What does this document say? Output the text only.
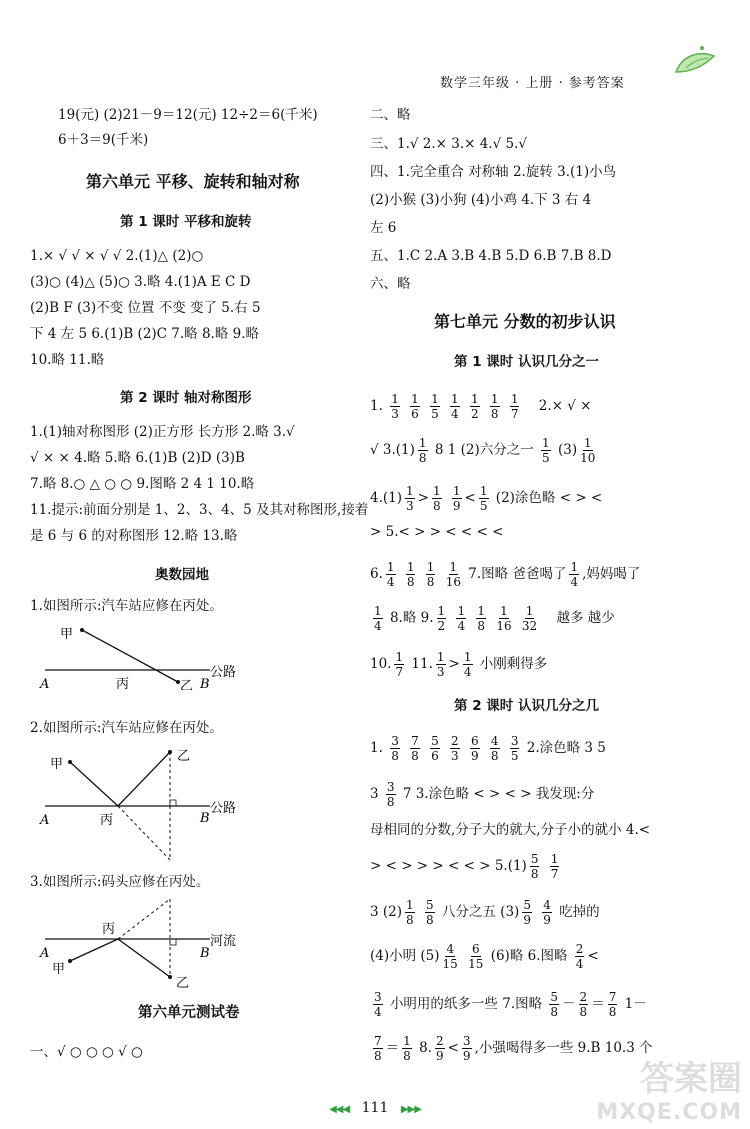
数学三年级 · 上册 · 参考答案
19(元) (2)21－9＝12(元) 12÷2＝6(千米)
6＋3＝9(千米)
第六单元 平移、旋转和轴对称
第 1 课时 平移和旋转
1.× √ √ × √ √ 2.(1)△ (2)○
(3)○ (4)△ (5)○ 3.略 4.(1)A E C D
(2)B F (3)不变 位置 不变 变了 5.右 5
下 4 左 5 6.(1)B (2)C 7.略 8.略 9.略
10.略 11.略
第 2 课时 轴对称图形
1.(1)轴对称图形 (2)正方形 长方形 2.略 3.√
√ × × 4.略 5.略 6.(1)B (2)D (3)B
7.略 8.○ △ ○ ○ 9.图略 2 4 1 10.略
11.提示:前面分别是 1、2、3、4、5 及其对称图形,接着
是 6 与 6 的对称图形 12.略 13.略
奥数园地
1.如图所示:汽车站应修在丙处。
甲
A	丙	B
公路
乙
2.如图所示:汽车站应修在丙处。
甲
乙
A	丙	B
公路
3.如图所示:码头应修在丙处。
丙
A
甲
B
河流
乙
第六单元测试卷
一、√ ○ ○ ○ √ ○
二、略
三、1.√ 2.× 3.× 4.√ 5.√
四、1.完全重合 对称轴 2.旋转 3.(1)小鸟
(2)小猴 (3)小狗 (4)小鸡 4.下 3 右 4
左 6
五、1.C 2.A 3.B 4.B 5.D 6.B 7.B 8.D
六、略
第七单元 分数的初步认识
第 1 课时 认识几分之一
1. $\frac{1}{3}$
$\frac{1}{6}$
$\frac{1}{5}$
$\frac{1}{4}$
$\frac{1}{2}$
$\frac{1}{8}$
$\frac{1}{7} 2.\times$ √ ×
√ $3.(1) \frac{1}{8} 8$ 1 (2)六分之一 $\frac{1}{5} (3) \frac{1}{10}$
$4.(1) \frac{1}{3} > \frac{1}{8}$
$\frac{1}{9} < \frac{1}{5} (2)$涂色略 < > <
> 5.< > > < < < <
6. $\frac{1}{4}$
$\frac{1}{8}$
$\frac{1}{8}$
$\frac{1}{16} 7$.图略 爸爸喝了 $\frac{1}{4}$ ,妈妈喝了
$\frac{1}{4} 8$.略 9. $\frac{1}{2}$
$\frac{1}{4}$
$\frac{1}{8}$
$\frac{1}{16}$
$\frac{1}{32}$ 越多 越少
10. $\frac{1}{7} 11$. $\frac{1}{3} > \frac{1}{4}$ 小刚剩得多
第 2 课时 认识几分之几
1. $\frac{3}{8}$
$\frac{7}{8}$
$\frac{5}{6}$
$\frac{2}{3}$
$\frac{6}{9}$
$\frac{4}{8}$
$\frac{3}{5} 2$.涂色略 3 5
$3 \frac{3}{8} 7$ 3.涂色略 < > < > 我发现:分
母相同的分数,分子大的就大,分子小的就小 4.<
> < > > > < < > $5.(1) \frac{5}{8}$
$\frac{1}{7}$
3 $(2) \frac{1}{8}$
$\frac{5}{8}$ 八分之五 $(3) \frac{5}{9}$
$\frac{4}{9}$ 吃掉的
(4)小明 $(5) \frac{4}{15}$
$\frac{6}{15} (6)$略 6.图略 $\frac{2}{4}$ <
$\frac{3}{4}$ 小明用的纸多一些 7.图略 $\frac{5}{8} - \frac{2}{8} = \frac{7}{8} 1-$
$\frac{7}{8} = \frac{1}{8} 8$. $\frac{2}{9} < \frac{3}{9}$ ,小强喝得多一些 9.B 10.3 个
◀◀◀ 111 ▶▶▶
答案圈
MXQE.COM
